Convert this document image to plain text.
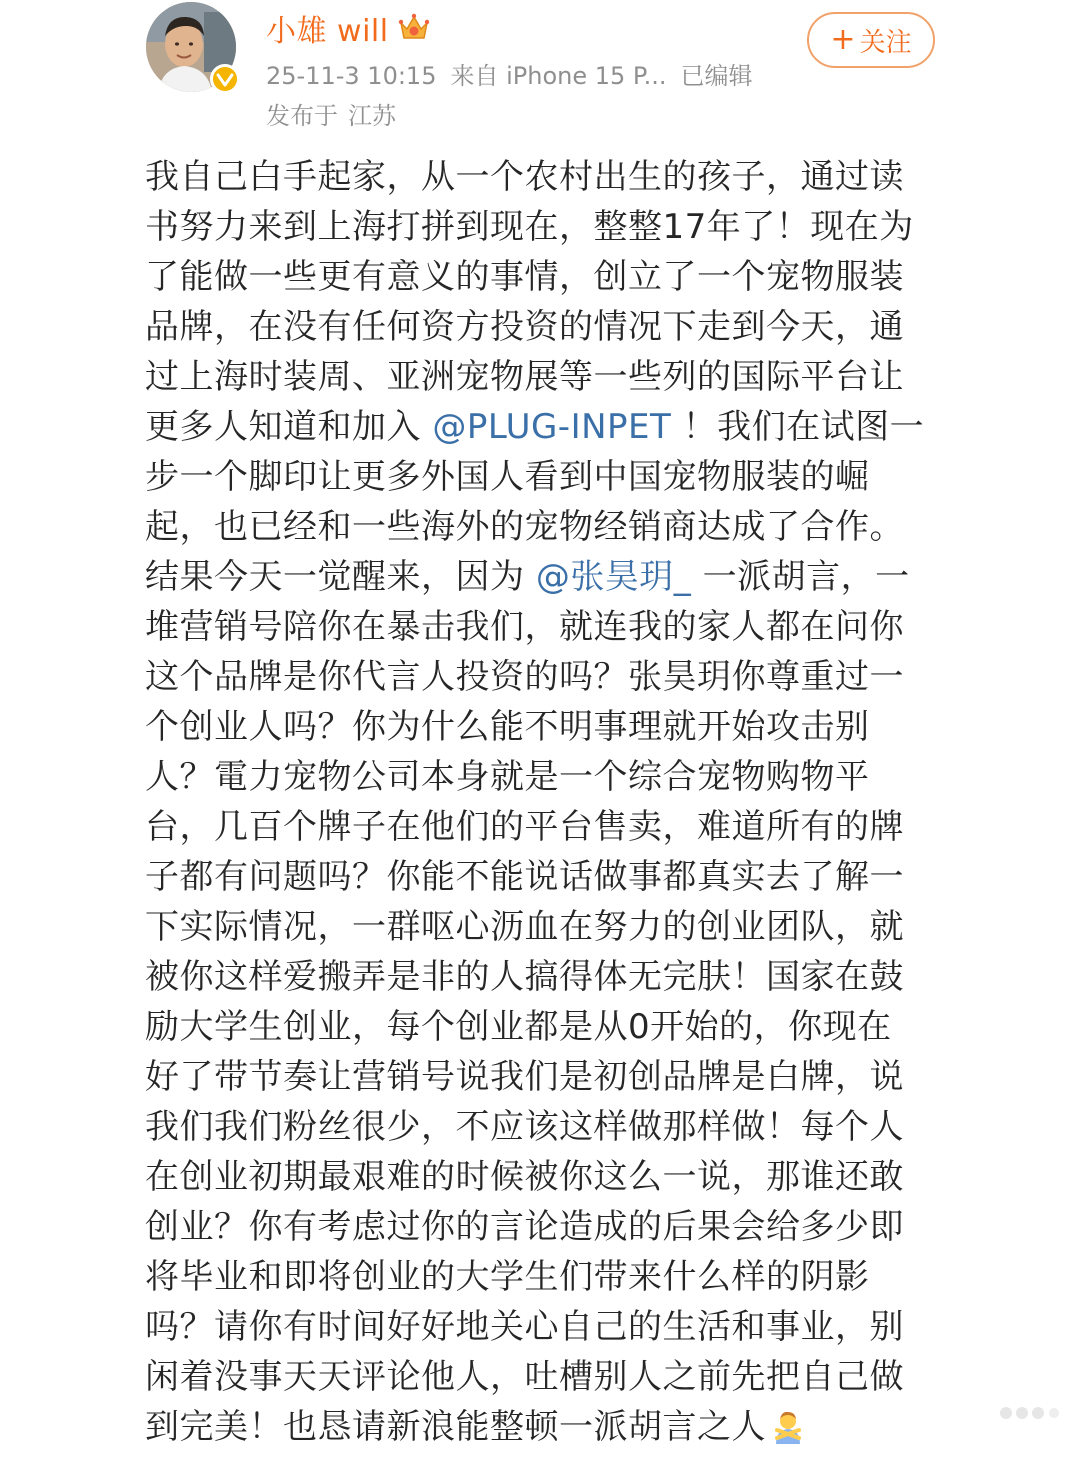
小雄 will
25-11-3 10:15 来自 iPhone 15 P... 已编辑
发布于 江苏
+ 关注
我自己白手起家，从一个农村出生的孩子，通过读
书努力来到上海打拼到现在，整整17年了！现在为
了能做一些更有意义的事情，创立了一个宠物服装
品牌，在没有任何资方投资的情况下走到今天，通
过上海时装周、亚洲宠物展等一些列的国际平台让
更多人知道和加入 @PLUG-INPET ！我们在试图一
步一个脚印让更多外国人看到中国宠物服装的崛
起，也已经和一些海外的宠物经销商达成了合作。
结果今天一觉醒来，因为 @张昊玥_ 一派胡言，一
堆营销号陪你在暴击我们，就连我的家人都在问你
这个品牌是你代言人投资的吗？张昊玥你尊重过一
个创业人吗？你为什么能不明事理就开始攻击别
人？電力宠物公司本身就是一个综合宠物购物平
台，几百个牌子在他们的平台售卖，难道所有的牌
子都有问题吗？你能不能说话做事都真实去了解一
下实际情况，一群呕心沥血在努力的创业团队，就
被你这样爱搬弄是非的人搞得体无完肤！国家在鼓
励大学生创业，每个创业都是从0开始的，你现在
好了带节奏让营销号说我们是初创品牌是白牌，说
我们我们粉丝很少，不应该这样做那样做！每个人
在创业初期最艰难的时候被你这么一说，那谁还敢
创业？你有考虑过你的言论造成的后果会给多少即
将毕业和即将创业的大学生们带来什么样的阴影
吗？请你有时间好好地关心自己的生活和事业，别
闲着没事天天评论他人，吐槽别人之前先把自己做
到完美！也恳请新浪能整顿一派胡言之人
